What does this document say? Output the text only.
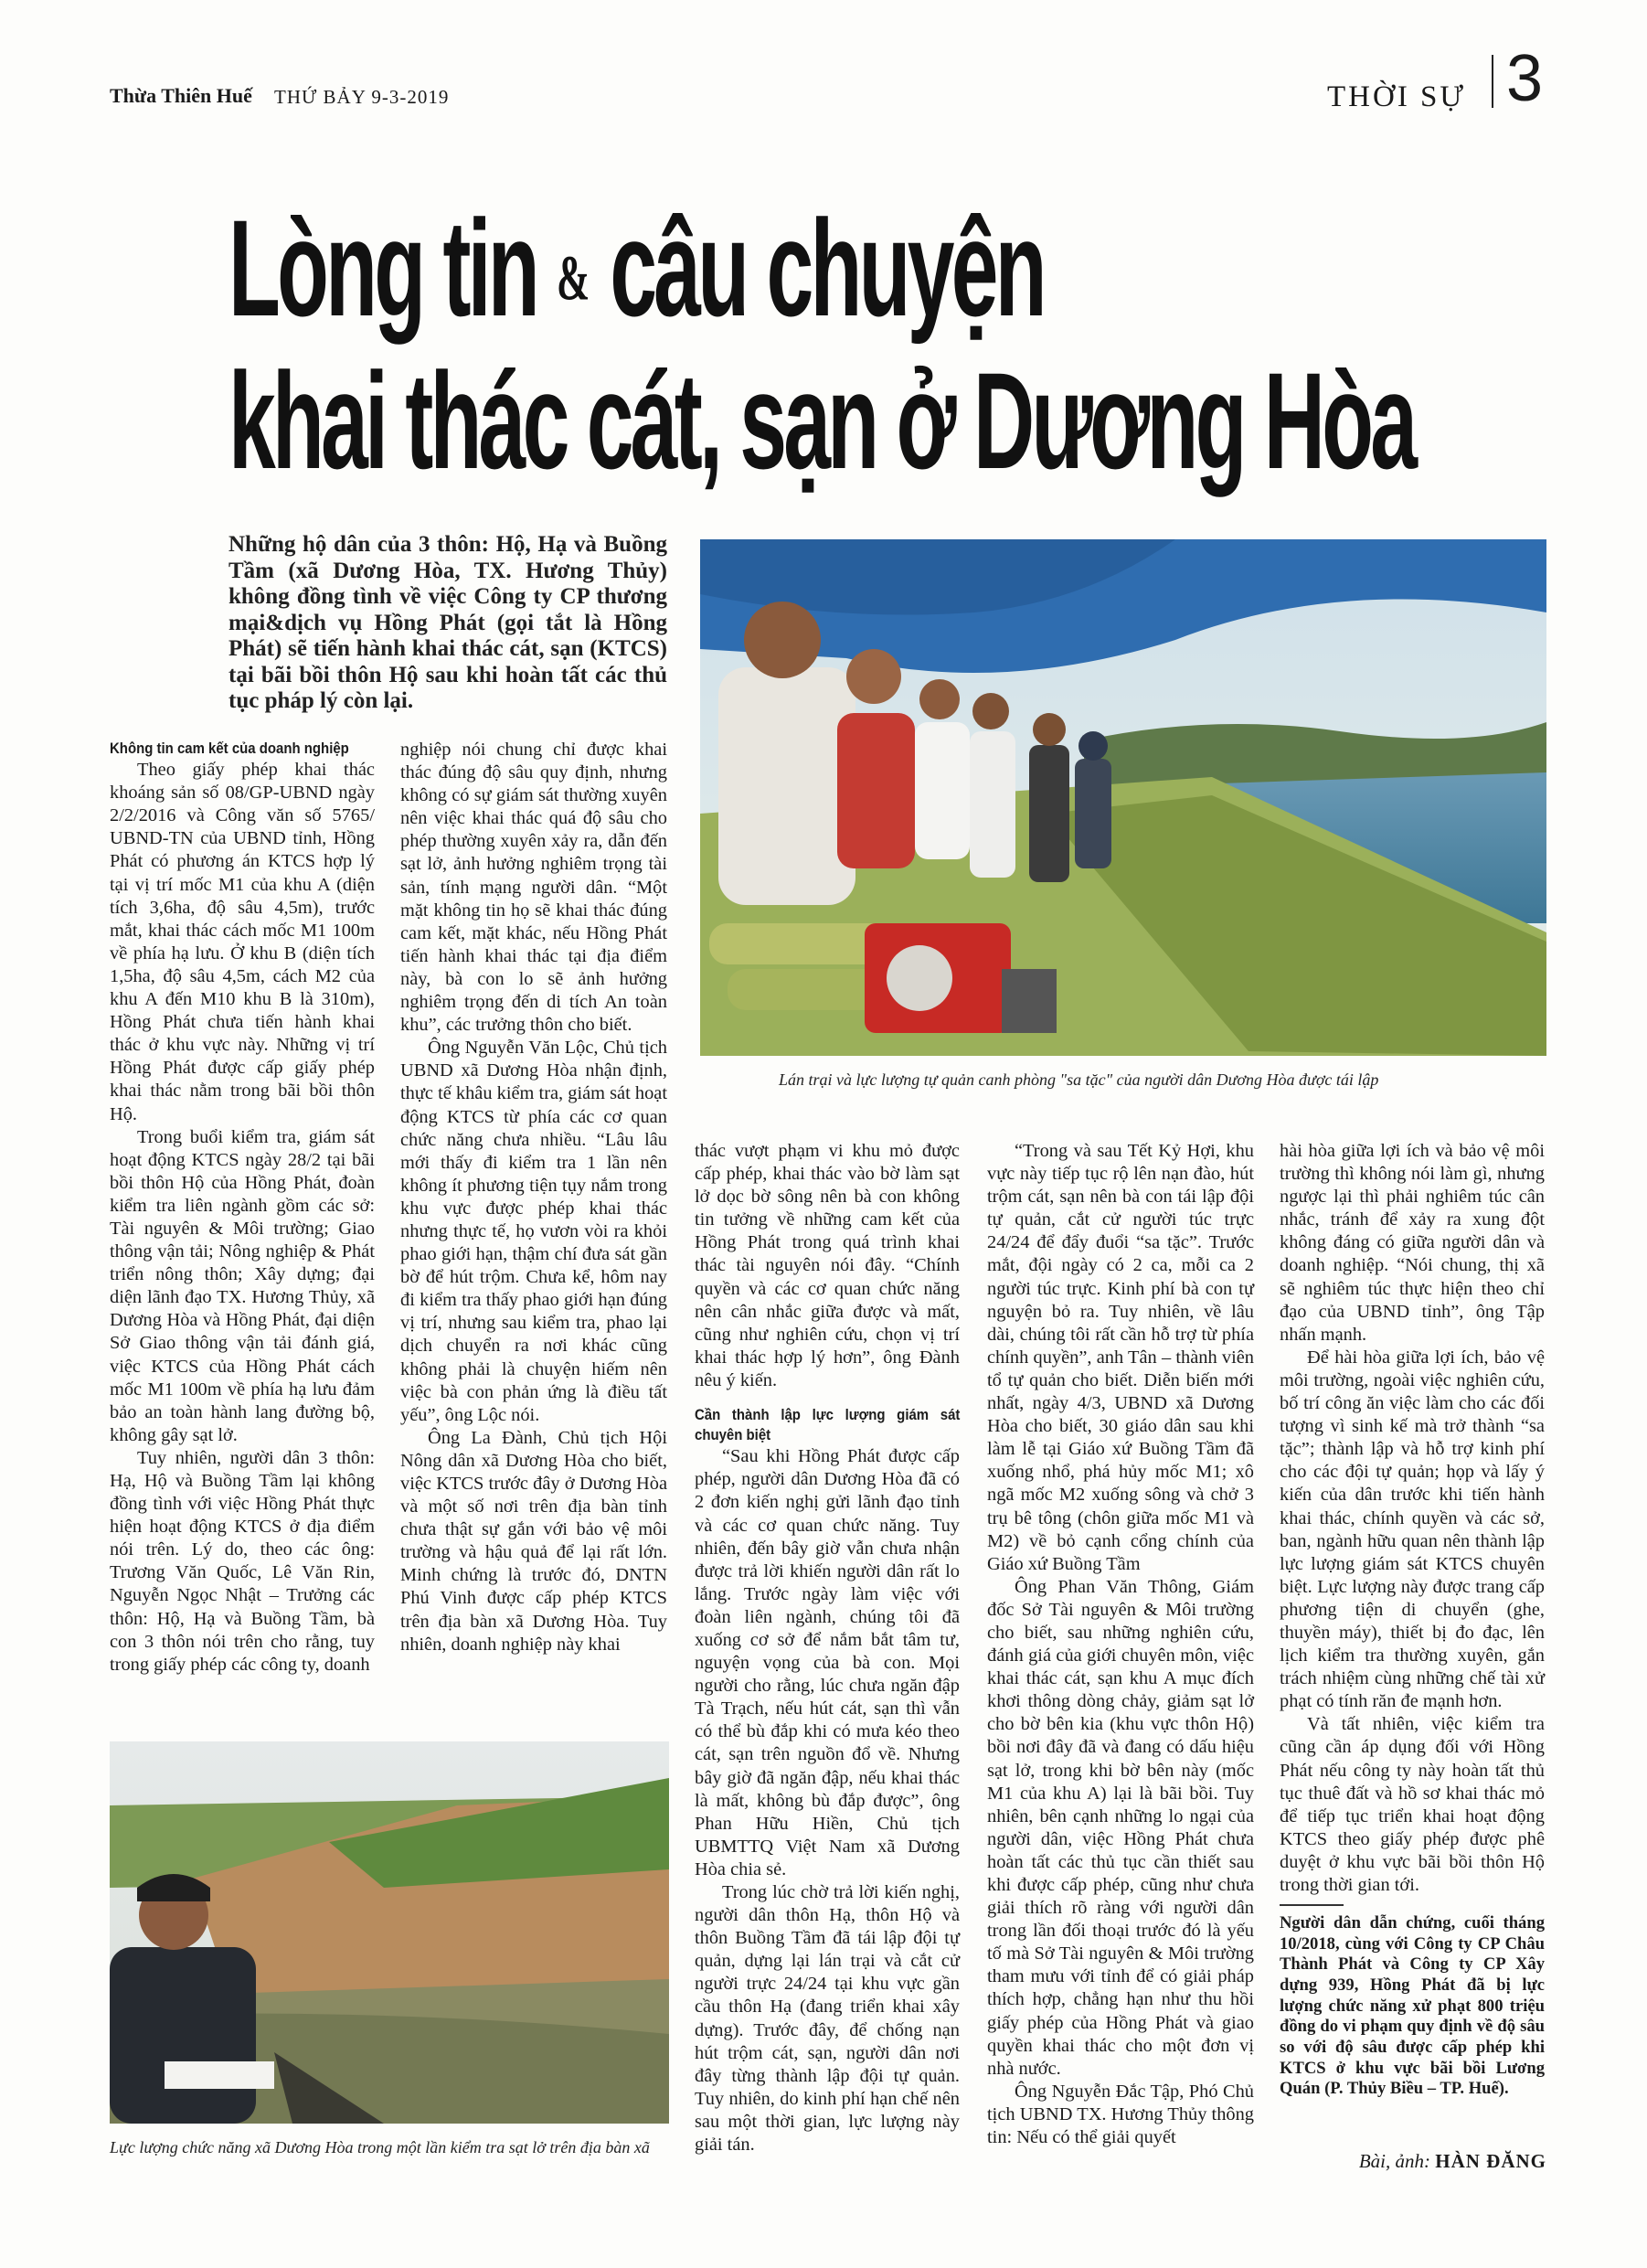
Thừa Thiên Huế THỨ BẢY 9-3-2019	THỜI SỰ 3
Lòng tin & câu chuyện
khai thác cát, sạn ở Dương Hòa
Những hộ dân của 3 thôn: Hộ, Hạ và Buồng Tầm (xã Dương Hòa, TX. Hương Thủy) không đồng tình về việc Công ty CP thương mại&dịch vụ Hồng Phát (gọi tắt là Hồng Phát) sẽ tiến hành khai thác cát, sạn (KTCS) tại bãi bồi thôn Hộ sau khi hoàn tất các thủ tục pháp lý còn lại.
Lán trại và lực lượng tự quản canh phòng "sa tặc" của người dân Dương Hòa được tái lập
Lực lượng chức năng xã Dương Hòa trong một lần kiểm tra sạt lở trên địa bàn xã

Không tin cam kết của doanh nghiệp

Theo giấy phép khai thác khoáng sản số 08/GP-UBND ngày 2/2/2016 và Công văn số 5765/ UBND-TN của UBND tỉnh, Hồng Phát có phương án KTCS hợp lý tại vị trí mốc M1 của khu A (diện tích 3,6ha, độ sâu 4,5m), trước mắt, khai thác cách mốc M1 100m về phía hạ lưu. Ở khu B (diện tích 1,5ha, độ sâu 4,5m, cách M2 của khu A đến M10 khu B là 310m), Hồng Phát chưa tiến hành khai thác ở khu vực này. Những vị trí Hồng Phát được cấp giấy phép khai thác nằm trong bãi bồi thôn Hộ.

Trong buổi kiểm tra, giám sát hoạt động KTCS ngày 28/2 tại bãi bồi thôn Hộ của Hồng Phát, đoàn kiểm tra liên ngành gồm các sở: Tài nguyên & Môi trường; Giao thông vận tải; Nông nghiệp & Phát triển nông thôn; Xây dựng; đại diện lãnh đạo TX. Hương Thủy, xã Dương Hòa và Hồng Phát, đại diện Sở Giao thông vận tải đánh giá, việc KTCS của Hồng Phát cách mốc M1 100m về phía hạ lưu đảm bảo an toàn hành lang đường bộ, không gây sạt lở.

Tuy nhiên, người dân 3 thôn: Hạ, Hộ và Buồng Tầm lại không đồng tình với việc Hồng Phát thực hiện hoạt động KTCS ở địa điểm nói trên. Lý do, theo các ông: Trương Văn Quốc, Lê Văn Rin, Nguyễn Ngọc Nhật – Trưởng các thôn: Hộ, Hạ và Buồng Tầm, bà con 3 thôn nói trên cho rằng, tuy trong giấy phép các công ty, doanh

nghiệp nói chung chỉ được khai thác đúng độ sâu quy định, nhưng không có sự giám sát thường xuyên nên việc khai thác quá độ sâu cho phép thường xuyên xảy ra, dẫn đến sạt lở, ảnh hưởng nghiêm trọng tài sản, tính mạng người dân. “Một mặt không tin họ sẽ khai thác đúng cam kết, mặt khác, nếu Hồng Phát tiến hành khai thác tại địa điểm này, bà con lo sẽ ảnh hưởng nghiêm trọng đến di tích An toàn khu”, các trưởng thôn cho biết.

Ông Nguyễn Văn Lộc, Chủ tịch UBND xã Dương Hòa nhận định, thực tế khâu kiểm tra, giám sát hoạt động KTCS từ phía các cơ quan chức năng chưa nhiều. “Lâu lâu mới thấy đi kiểm tra 1 lần nên không ít phương tiện tụy nắm trong khu vực được phép khai thác nhưng thực tế, họ vươn vòi ra khỏi phao giới hạn, thậm chí đưa sát gần bờ để hút trộm. Chưa kể, hôm nay đi kiểm tra thấy phao giới hạn đúng vị trí, nhưng sau kiểm tra, phao lại dịch chuyển ra nơi khác cũng không phải là chuyện hiếm nên việc bà con phản ứng là điều tất yếu”, ông Lộc nói.

Ông La Đành, Chủ tịch Hội Nông dân xã Dương Hòa cho biết, việc KTCS trước đây ở Dương Hòa và một số nơi trên địa bàn tỉnh chưa thật sự gắn với bảo vệ môi trường và hậu quả để lại rất lớn. Minh chứng là trước đó, DNTN Phú Vinh được cấp phép KTCS trên địa bàn xã Dương Hòa. Tuy nhiên, doanh nghiệp này khai

thác vượt phạm vi khu mỏ được cấp phép, khai thác vào bờ làm sạt lở dọc bờ sông nên bà con không tin tưởng về những cam kết của Hồng Phát trong quá trình khai thác tài nguyên nói đây. “Chính quyền và các cơ quan chức năng nên cân nhắc giữa được và mất, cũng như nghiên cứu, chọn vị trí khai thác hợp lý hơn”, ông Đành nêu ý kiến.

Cần thành lập lực lượng giám sát chuyên biệt

“Sau khi Hồng Phát được cấp phép, người dân Dương Hòa đã có 2 đơn kiến nghị gửi lãnh đạo tỉnh và các cơ quan chức năng. Tuy nhiên, đến bây giờ vẫn chưa nhận được trả lời khiến người dân rất lo lắng. Trước ngày làm việc với đoàn liên ngành, chúng tôi đã xuống cơ sở để nắm bắt tâm tư, nguyện vọng của bà con. Mọi người cho rằng, lúc chưa ngăn đập Tà Trạch, nếu hút cát, sạn thì vẫn có thể bù đắp khi có mưa kéo theo cát, sạn trên nguồn đổ về. Nhưng bây giờ đã ngăn đập, nếu khai thác là mất, không bù đắp được”, ông Phan Hữu Hiền, Chủ tịch UBMTTQ Việt Nam xã Dương Hòa chia sẻ.

Trong lúc chờ trả lời kiến nghị, người dân thôn Hạ, thôn Hộ và thôn Buồng Tầm đã tái lập đội tự quản, dựng lại lán trại và cắt cử người trực 24/24 tại khu vực gần cầu thôn Hạ (đang triển khai xây dựng). Trước đây, để chống nạn hút trộm cát, sạn, người dân nơi đây từng thành lập đội tự quản. Tuy nhiên, do kinh phí hạn chế nên sau một thời gian, lực lượng này giải tán.

“Trong và sau Tết Kỷ Hợi, khu vực này tiếp tục rộ lên nạn đào, hút trộm cát, sạn nên bà con tái lập đội tự quản, cắt cử người túc trực 24/24 để đẩy đuổi “sa tặc”. Trước mắt, đội ngày có 2 ca, mỗi ca 2 người túc trực. Kinh phí bà con tự nguyện bỏ ra. Tuy nhiên, về lâu dài, chúng tôi rất cần hỗ trợ từ phía chính quyền”, anh Tân – thành viên tổ tự quản cho biết. Diễn biến mới nhất, ngày 4/3, UBND xã Dương Hòa cho biết, 30 giáo dân sau khi làm lễ tại Giáo xứ Buồng Tầm đã xuống nhổ, phá hủy mốc M1; xô ngã mốc M2 xuống sông và chở 3 trụ bê tông (chôn giữa mốc M1 và M2) về bỏ cạnh cổng chính của Giáo xứ Buồng Tầm

Ông Phan Văn Thông, Giám đốc Sở Tài nguyên & Môi trường cho biết, sau những nghiên cứu, đánh giá của giới chuyên môn, việc khai thác cát, sạn khu A mục đích khơi thông dòng chảy, giảm sạt lở cho bờ bên kia (khu vực thôn Hộ) bồi nơi đây đã và đang có dấu hiệu sạt lở, trong khi bờ bên này (mốc M1 của khu A) lại là bãi bồi. Tuy nhiên, bên cạnh những lo ngại của người dân, việc Hồng Phát chưa hoàn tất các thủ tục cần thiết sau khi được cấp phép, cũng như chưa giải thích rõ ràng với người dân trong lần đối thoại trước đó là yếu tố mà Sở Tài nguyên & Môi trường tham mưu với tỉnh để có giải pháp thích hợp, chẳng hạn như thu hồi giấy phép của Hồng Phát và giao quyền khai thác cho một đơn vị nhà nước.

Ông Nguyễn Đắc Tập, Phó Chủ tịch UBND TX. Hương Thủy thông tin: Nếu có thể giải quyết

hài hòa giữa lợi ích và bảo vệ môi trường thì không nói làm gì, nhưng ngược lại thì phải nghiêm túc cân nhắc, tránh để xảy ra xung đột không đáng có giữa người dân và doanh nghiệp. “Nói chung, thị xã sẽ nghiêm túc thực hiện theo chỉ đạo của UBND tỉnh”, ông Tập nhấn mạnh.

Để hài hòa giữa lợi ích, bảo vệ môi trường, ngoài việc nghiên cứu, bố trí công ăn việc làm cho các đối tượng vì sinh kế mà trở thành “sa tặc”; thành lập và hỗ trợ kinh phí cho các đội tự quản; họp và lấy ý kiến của dân trước khi tiến hành khai thác, chính quyền và các sở, ban, ngành hữu quan nên thành lập lực lượng giám sát KTCS chuyên biệt. Lực lượng này được trang cấp phương tiện di chuyển (ghe, thuyền máy), thiết bị đo đạc, lên lịch kiểm tra thường xuyên, gắn trách nhiệm cùng những chế tài xử phạt có tính răn đe mạnh hơn.

Và tất nhiên, việc kiểm tra cũng cần áp dụng đối với Hồng Phát nếu công ty này hoàn tất thủ tục thuê đất và hồ sơ khai thác mỏ để tiếp tục triển khai hoạt động KTCS theo giấy phép được phê duyệt ở khu vực bãi bồi thôn Hộ trong thời gian tới.

Người dân dẫn chứng, cuối tháng 10/2018, cùng với Công ty CP Châu Thành Phát và Công ty CP Xây dựng 939, Hồng Phát đã bị lực lượng chức năng xử phạt 800 triệu đồng do vi phạm quy định về độ sâu so với độ sâu được cấp phép khi KTCS ở khu vực bãi bồi Lương Quán (P. Thủy Biều – TP. Huế).

Bài, ảnh: HÀN ĐĂNG
